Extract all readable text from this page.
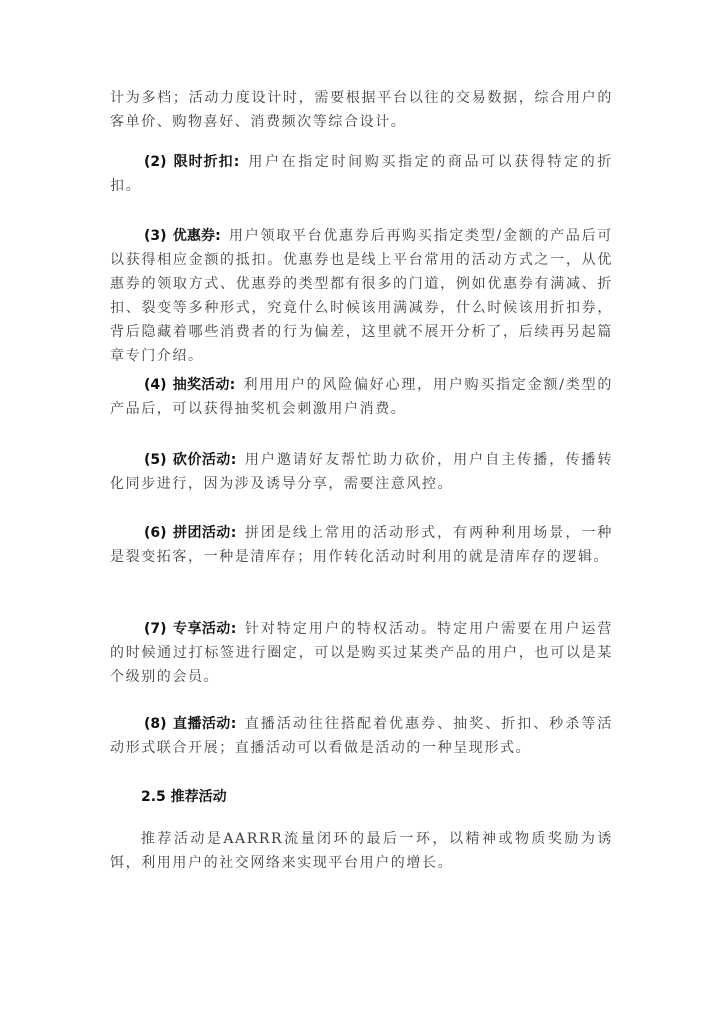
计为多档；活动力度设计时，需要根据平台以往的交易数据，综合用户的客单价、购物喜好、消费频次等综合设计。

(2) 限时折扣: 用户在指定时间购买指定的商品可以获得特定的折扣。

(3) 优惠券: 用户领取平台优惠券后再购买指定类型/金额的产品后可以获得相应金额的抵扣。优惠券也是线上平台常用的活动方式之一，从优惠券的领取方式、优惠券的类型都有很多的门道，例如优惠券有满减、折扣、裂变等多种形式，究竟什么时候该用满减券，什么时候该用折扣券，背后隐藏着哪些消费者的行为偏差，这里就不展开分析了，后续再另起篇章专门介绍。

(4) 抽奖活动: 利用用户的风险偏好心理，用户购买指定金额/类型的产品后，可以获得抽奖机会刺激用户消费。

(5) 砍价活动: 用户邀请好友帮忙助力砍价，用户自主传播，传播转化同步进行，因为涉及诱导分享，需要注意风控。

(6) 拼团活动: 拼团是线上常用的活动形式，有两种利用场景，一种是裂变拓客，一种是清库存；用作转化活动时利用的就是清库存的逻辑。

(7) 专享活动: 针对特定用户的特权活动。特定用户需要在用户运营的时候通过打标签进行圈定，可以是购买过某类产品的用户，也可以是某个级别的会员。

(8) 直播活动: 直播活动往往搭配着优惠券、抽奖、折扣、秒杀等活动形式联合开展；直播活动可以看做是活动的一种呈现形式。

2.5 推荐活动

推荐活动是AARRR流量闭环的最后一环，以精神或物质奖励为诱饵，利用用户的社交网络来实现平台用户的增长。
